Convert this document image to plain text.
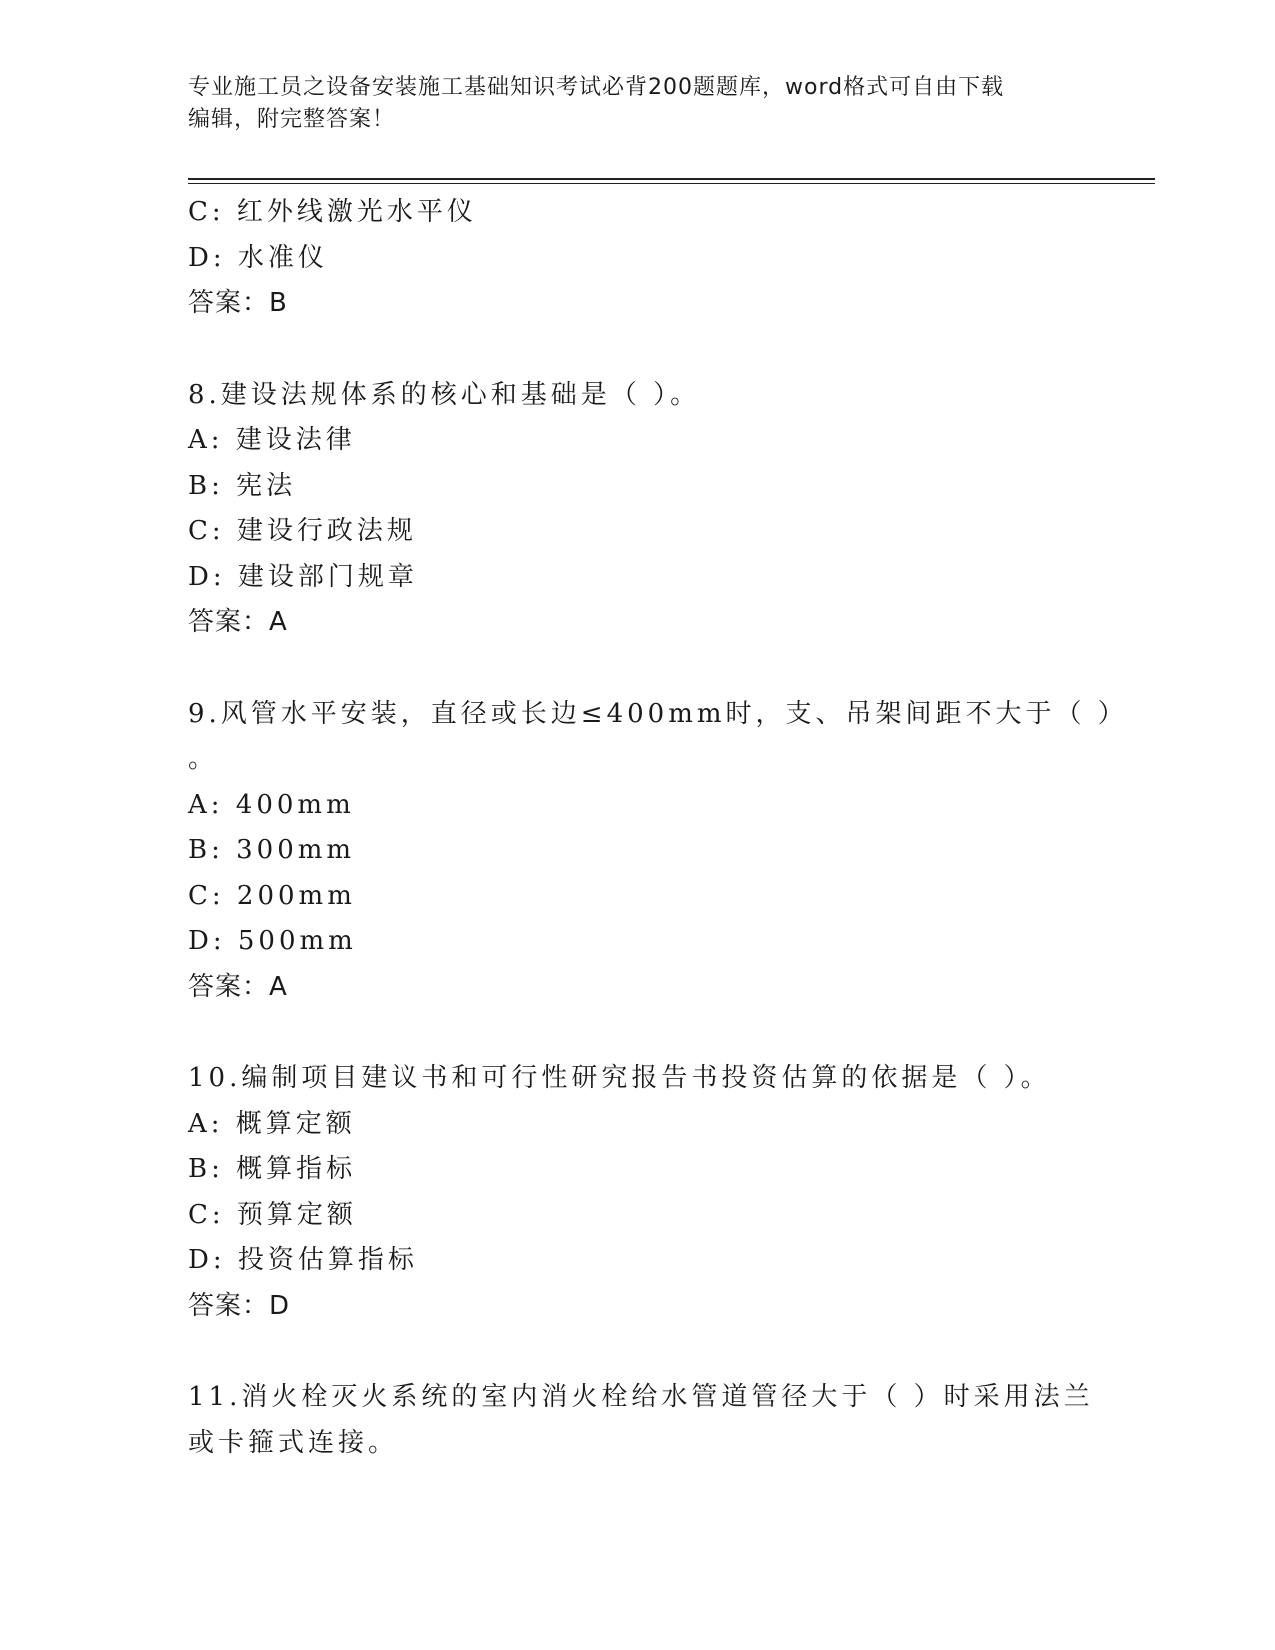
专业施工员之设备安装施工基础知识考试必背200题题库，word格式可自由下载
编辑，附完整答案！
C: 红外线激光水平仪
D: 水准仪
答案：B
8.建设法规体系的核心和基础是（ ）。
A: 建设法律
B: 宪法
C: 建设行政法规
D: 建设部门规章
答案：A
9.风管水平安装，直径或长边≤400mm时，支、吊架间距不大于（ ）
。
A: 400mm
B: 300mm
C: 200mm
D: 500mm
答案：A
10.编制项目建议书和可行性研究报告书投资估算的依据是（ ）。
A: 概算定额
B: 概算指标
C: 预算定额
D: 投资估算指标
答案：D
11.消火栓灭火系统的室内消火栓给水管道管径大于（ ）时采用法兰
或卡箍式连接。
